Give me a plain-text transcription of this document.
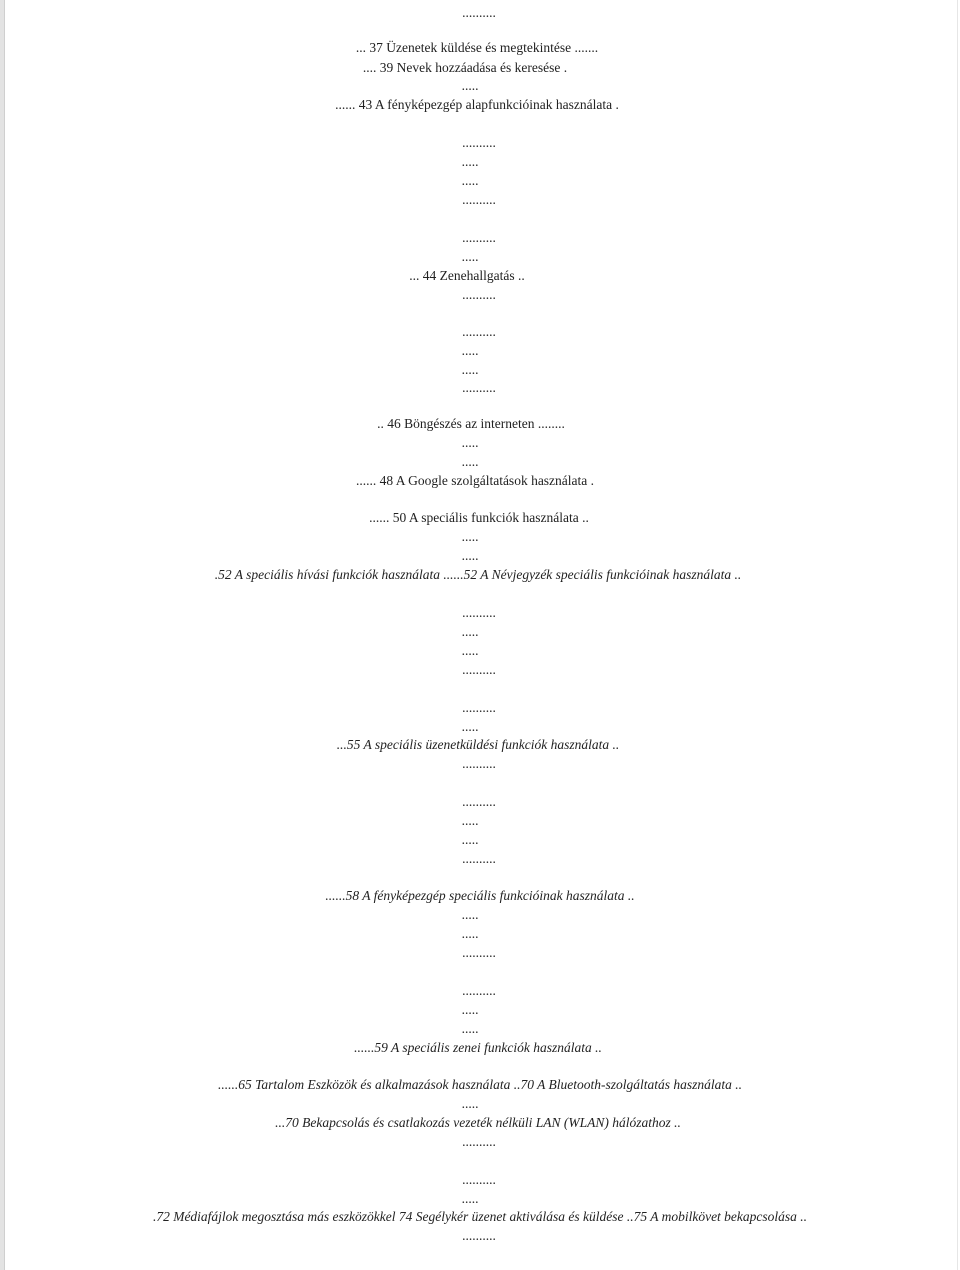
..........
... 37 Üzenetek küldése és megtekintése .......
.... 39 Nevek hozzáadása és keresése .
.....
...... 43 A fényképezgép alapfunkcióinak használata .
..........
.....
.....
..........
..........
.....
... 44 Zenehallgatás ..
..........
..........
.....
.....
..........
.. 46 Böngészés az interneten ........
.....
.....
...... 48 A Google szolgáltatások használata .
...... 50 A speciális funkciók használata ..
.....
.....
.52 A speciális hívási funkciók használata ......52 A Névjegyzék speciális funkcióinak használata ..
..........
.....
.....
..........
..........
.....
...55 A speciális üzenetküldési funkciók használata ..
..........
..........
.....
.....
..........
......58 A fényképezgép speciális funkcióinak használata ..
.....
.....
..........
..........
.....
.....
......59 A speciális zenei funkciók használata ..
......65 Tartalom Eszközök és alkalmazások használata ..70 A Bluetooth-szolgáltatás használata ..
.....
...70 Bekapcsolás és csatlakozás vezeték nélküli LAN (WLAN) hálózathoz ..
..........
..........
.....
.72 Médiafájlok megosztása más eszközökkel 74 Segélykér üzenet aktiválása és küldése ..75 A mobilkövet bekapcsolása ..
..........
